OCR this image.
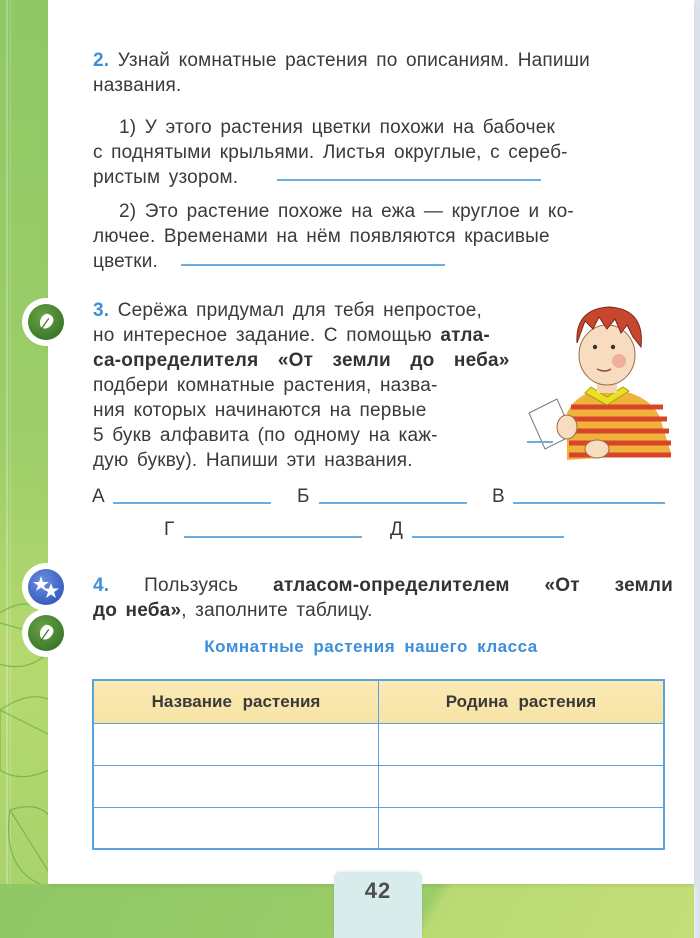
2. Узнай комнатные растения по описаниям. Напиши
названия.
1) У этого растения цветки похожи на бабочек
с поднятыми крыльями. Листья округлые, с сереб-
ристым узором.
2) Это растение похоже на ежа — круглое и ко-
лючее. Временами на нём появляются красивые
цветки.
3. Серёжа придумал для тебя непростое,
но интересное задание. С помощью атла-
са-определителя «От земли до неба»
подбери комнатные растения, назва-
ния которых начинаются на первые
5 букв алфавита (по одному на каж-
дую букву). Напиши эти названия.
А	Б	В
Г	Д
4. Пользуясь атласом-определителем «От земли
до неба», заполните таблицу.
Комнатные растения нашего класса
Название растения	Родина растения

42
